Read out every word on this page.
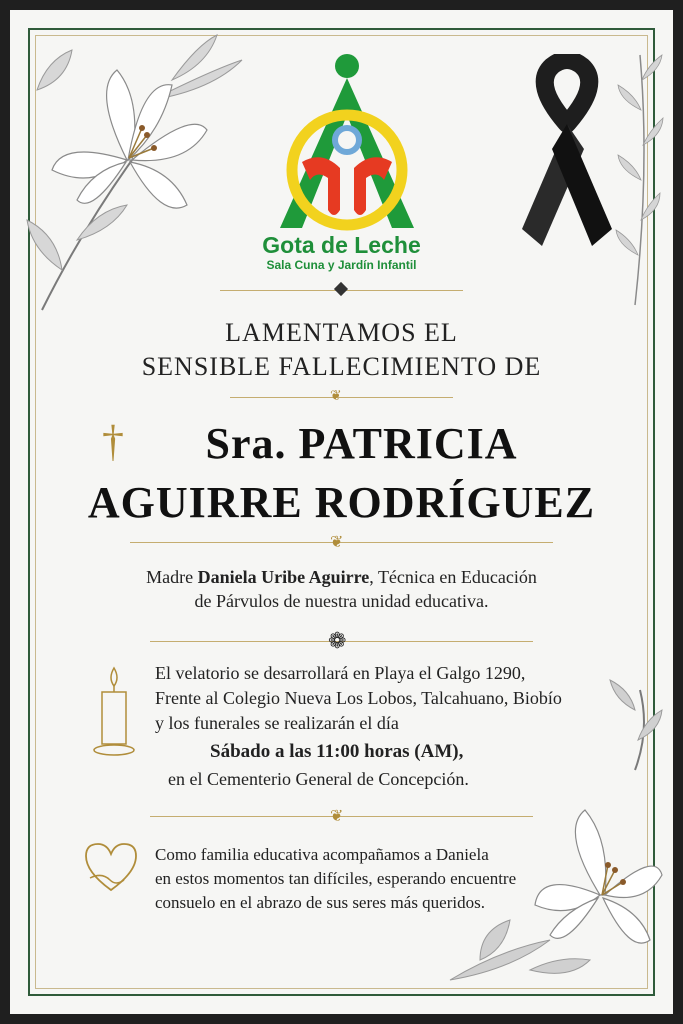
Gota de Leche
Sala Cuna y Jardín Infantil
LAMENTAMOS EL
SENSIBLE FALLECIMIENTO DE
❦
†	Sra. PATRICIA
AGUIRRE RODRÍGUEZ
❦
Madre Daniela Uribe Aguirre, Técnica en Educación
de Párvulos de nuestra unidad educativa.
❁
El velatorio se desarrollará en Playa el Galgo 1290,
Frente al Colegio Nueva Los Lobos, Talcahuano, Biobío
y los funerales se realizarán el día
Sábado a las 11:00 horas (AM),
en el Cementerio General de Concepción.
❦
Como familia educativa acompañamos a Daniela
en estos momentos tan difíciles, esperando encuentre
consuelo en el abrazo de sus seres más queridos.
